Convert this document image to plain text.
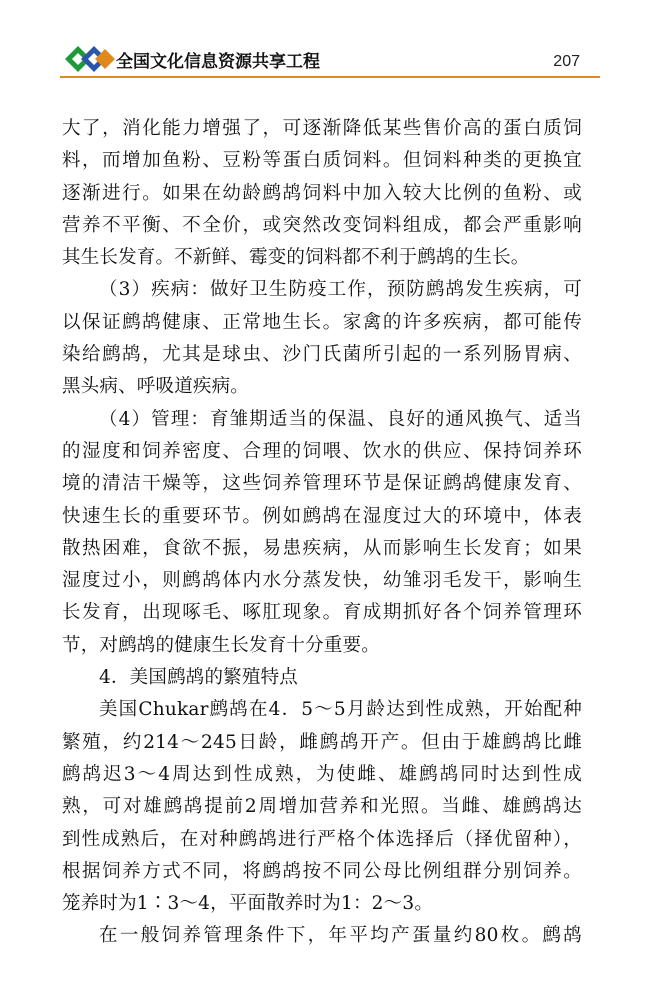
全国文化信息资源共享工程	207

大了，消化能力增强了，可逐渐降低某些售价高的蛋白质饲
料，而增加鱼粉、豆粉等蛋白质饲料。但饲料种类的更换宜
逐渐进行。如果在幼龄鹧鸪饲料中加入较大比例的鱼粉、或
营养不平衡、不全价，或突然改变饲料组成，都会严重影响
其生长发育。不新鲜、霉变的饲料都不利于鹧鸪的生长。

（3）疾病：做好卫生防疫工作，预防鹧鸪发生疾病，可
以保证鹧鸪健康、正常地生长。家禽的许多疾病，都可能传
染给鹧鸪，尤其是球虫、沙门氏菌所引起的一系列肠胃病、
黑头病、呼吸道疾病。

（4）管理：育雏期适当的保温、良好的通风换气、适当
的湿度和饲养密度、合理的饲喂、饮水的供应、保持饲养环
境的清洁干燥等，这些饲养管理环节是保证鹧鸪健康发育、
快速生长的重要环节。例如鹧鸪在湿度过大的环境中，体表
散热困难，食欲不振，易患疾病，从而影响生长发育；如果
湿度过小，则鹧鸪体内水分蒸发快，幼雏羽毛发干，影响生
长发育，出现啄毛、啄肛现象。育成期抓好各个饲养管理环
节，对鹧鸪的健康生长发育十分重要。

4．美国鹧鸪的繁殖特点

美国Chukar鹧鸪在4．5～5月龄达到性成熟，开始配种
繁殖，约214～245日龄，雌鹧鸪开产。但由于雄鹧鸪比雌
鹧鸪迟3～4周达到性成熟，为使雌、雄鹧鸪同时达到性成
熟，可对雄鹧鸪提前2周增加营养和光照。当雌、雄鹧鸪达
到性成熟后，在对种鹧鸪进行严格个体选择后（择优留种），
根据饲养方式不同，将鹧鸪按不同公母比例组群分别饲养。
笼养时为1∶3～4，平面散养时为1：2～3。

在一般饲养管理条件下，年平均产蛋量约80枚。鹧鸪
